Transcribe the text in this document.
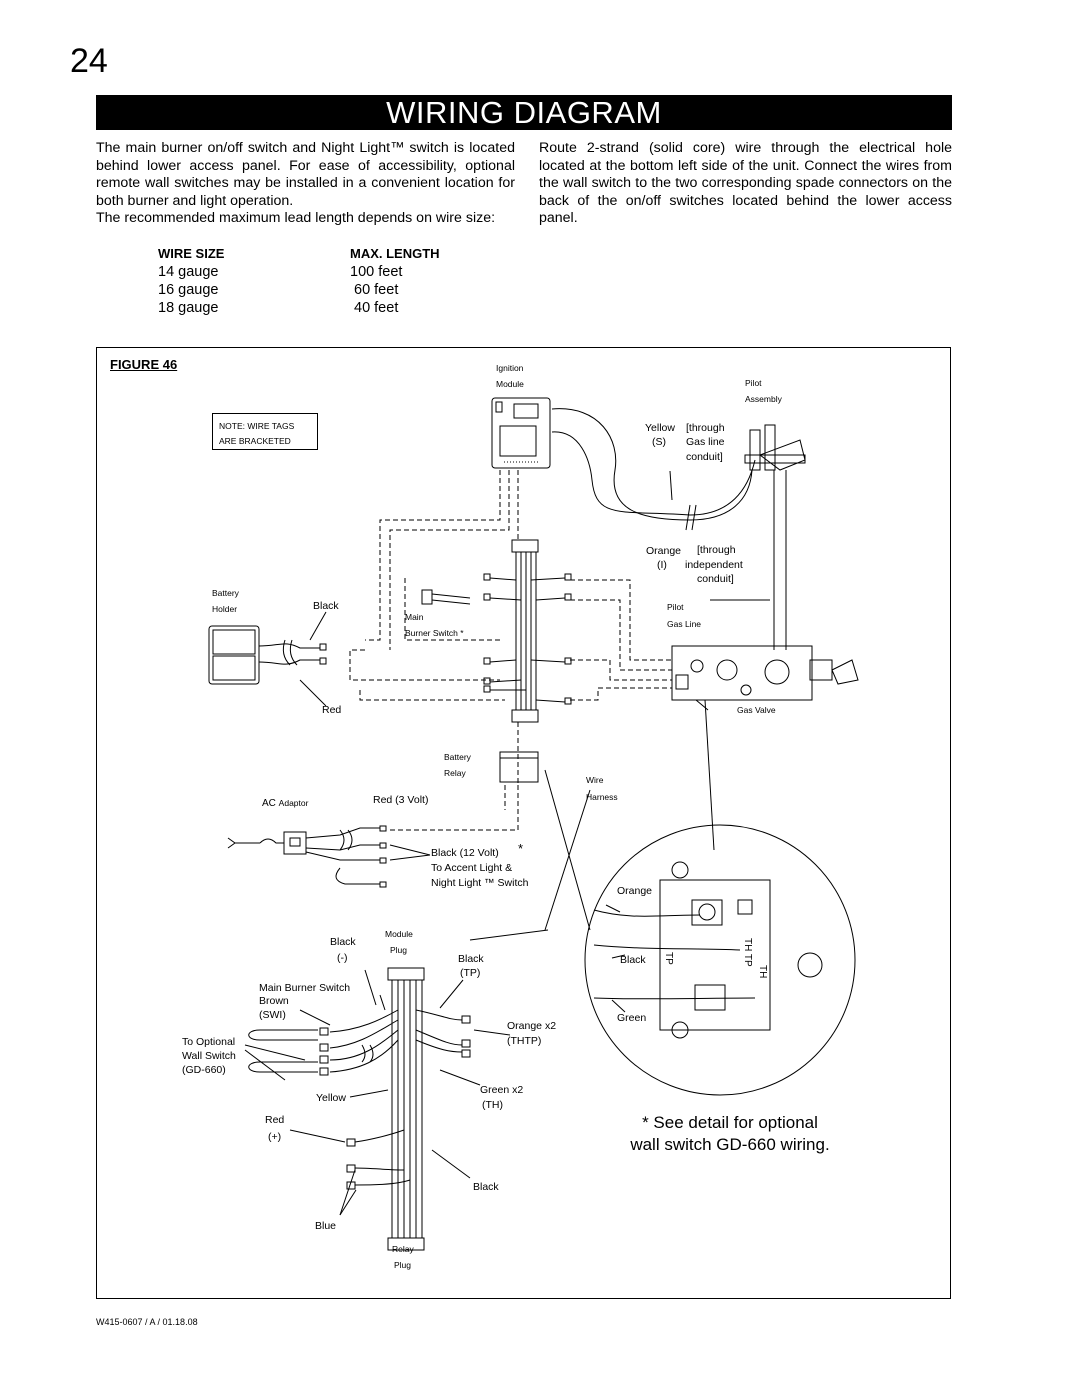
24
WIRING DIAGRAM
The main burner on/off switch and Night Light™ switch is located behind lower access panel. For ease of accessibility, optional remote wall switches may be installed in a convenient location for both burner and light operation.
The recommended maximum lead length depends on wire size:
Route 2-strand (solid core) wire through the electrical hole located at the bottom left side of the unit. Connect the wires from the wall switch to the two corresponding spade connectors on the back of the on/off switches located behind the lower access panel.
WIRE SIZE	MAX. LENGTH
14 gauge	100 feet
16 gauge	60 feet
18 gauge	40 feet
Ignition
Module	Pilot
Assembly
Battery
Holder
Main
Burner Switch *
Pilot
Gas Line
Gas Valve
Battery
Relay
Wire
Harness
Module
Plug
Relay
Plug
Yellow
(S)
[through
Gas line
conduit]
Orange
(I)
[through
independent
conduit]
Black
Red
AC Adaptor	Red (3 Volt)
Black (12 Volt) *
To Accent Light &
Night Light ™ Switch
Orange
Black
Green
Black
(-)	Black
(TP)
Main Burner Switch
Brown
(SWI)
Orange x2
(THTP)
To Optional
Wall Switch
(GD-660)
Green x2
(TH)
Yellow
Red
(+)
Black
Blue
TP
TH
TH TP
FIGURE 46
NOTE: WIRE TAGS
ARE BRACKETED
* See detail for optional
wall switch GD-660 wiring.
W415-0607 / A / 01.18.08
